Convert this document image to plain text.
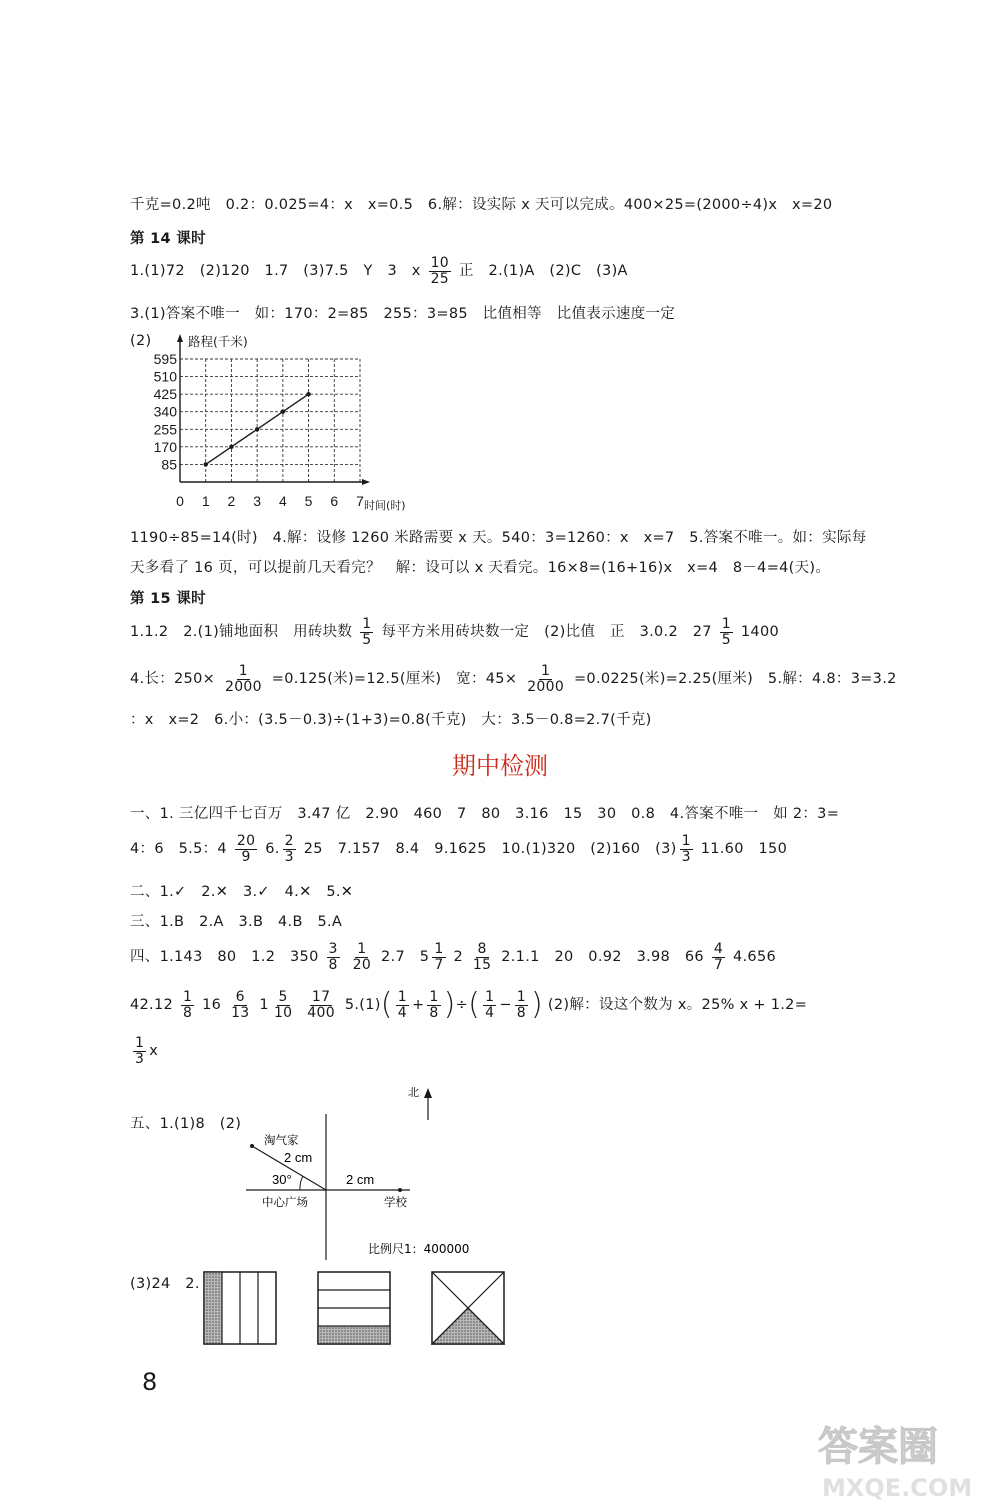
千克=0.2吨　0.2：0.025=4：x　x=0.5　6.解：设实际 x 天可以完成。400×25=(2000÷4)x　x=20
第 14 课时
1.(1)72　(2)120　1.7　(3)7.5　Y　3　x $\frac{10}{25}$ 正　2.(1)A　(2)C　(3)A
3.(1)答案不唯一　如：170：2=85　255：3=85　比值相等　比值表示速度一定
(2)
85
170
255
340
425
510
595
0 1 2 3 4 5 6 7
路程(千米)
时间(时)
1190÷85=14(时)　4.解：设修 1260 米路需要 x 天。540：3=1260：x　x=7　5.答案不唯一。如：实际每
天多看了 16 页，可以提前几天看完？　解：设可以 x 天看完。16×8=(16+16)x　x=4　8－4=4(天)。
第 15 课时
1.1.2　2.(1)铺地面积　用砖块数 $\frac{1}{5}$ 每平方米用砖块数一定　(2)比值　正　3.0.2　$27 \frac{1}{5} 1400$
4.长：$250\times \frac{1}{2000} =0.125$(米)=12.5(厘米)　宽：$45\times \frac{1}{2000} =0.0225$(米)=2.25(厘米)　5.解：4.8：3=3.2
：x　x=2　6.小：(3.5－0.3)÷(1+3)=0.8(千克)　大：3.5－0.8=2.7(千克)
期中检测
一、1. 三亿四千七百万　3.47 亿　2.90　460　7　80　3.16　15　30　0.8　4.答案不唯一　如 2：3=
4：6　5.5：$4 \frac{20}{9} 6$. $\frac{2}{3} 25$　7.157　8.4　9.1625　10.(1)320　(2)160　$(3) \frac{1}{3} 11.60$　150
二、1.✓　2.✕　3.✓　4.✕　5.✕
三、1.B　2.A　3.B　4.B　5.A
四、1.143　80　1.2　$350 \frac{3}{8}$
$\frac{1}{20} 2.7$　$5 \frac{1}{7} 2 \frac{8}{15} 2.1.1$　20　0.92　3.98　$66 \frac{4}{7} 4.656$
$42.12 \frac{1}{8} 16 \frac{6}{13} 1 \frac{5}{10}$
$\frac{17}{400} 5.(1)( \frac{1}{4} + \frac{1}{8}$ )÷( $\frac{1}{4} - \frac{1}{8}$ ) (2)解：设这个数为 x。25% x + 1.2=
$\frac{1}{3}$ x
五、1.(1)8　(2)
北
淘气家
2 cm
30°	2 cm
中心广场	学校
比例尺1：400000
(3)24　2.
8
答案圈
MXQE.COM
